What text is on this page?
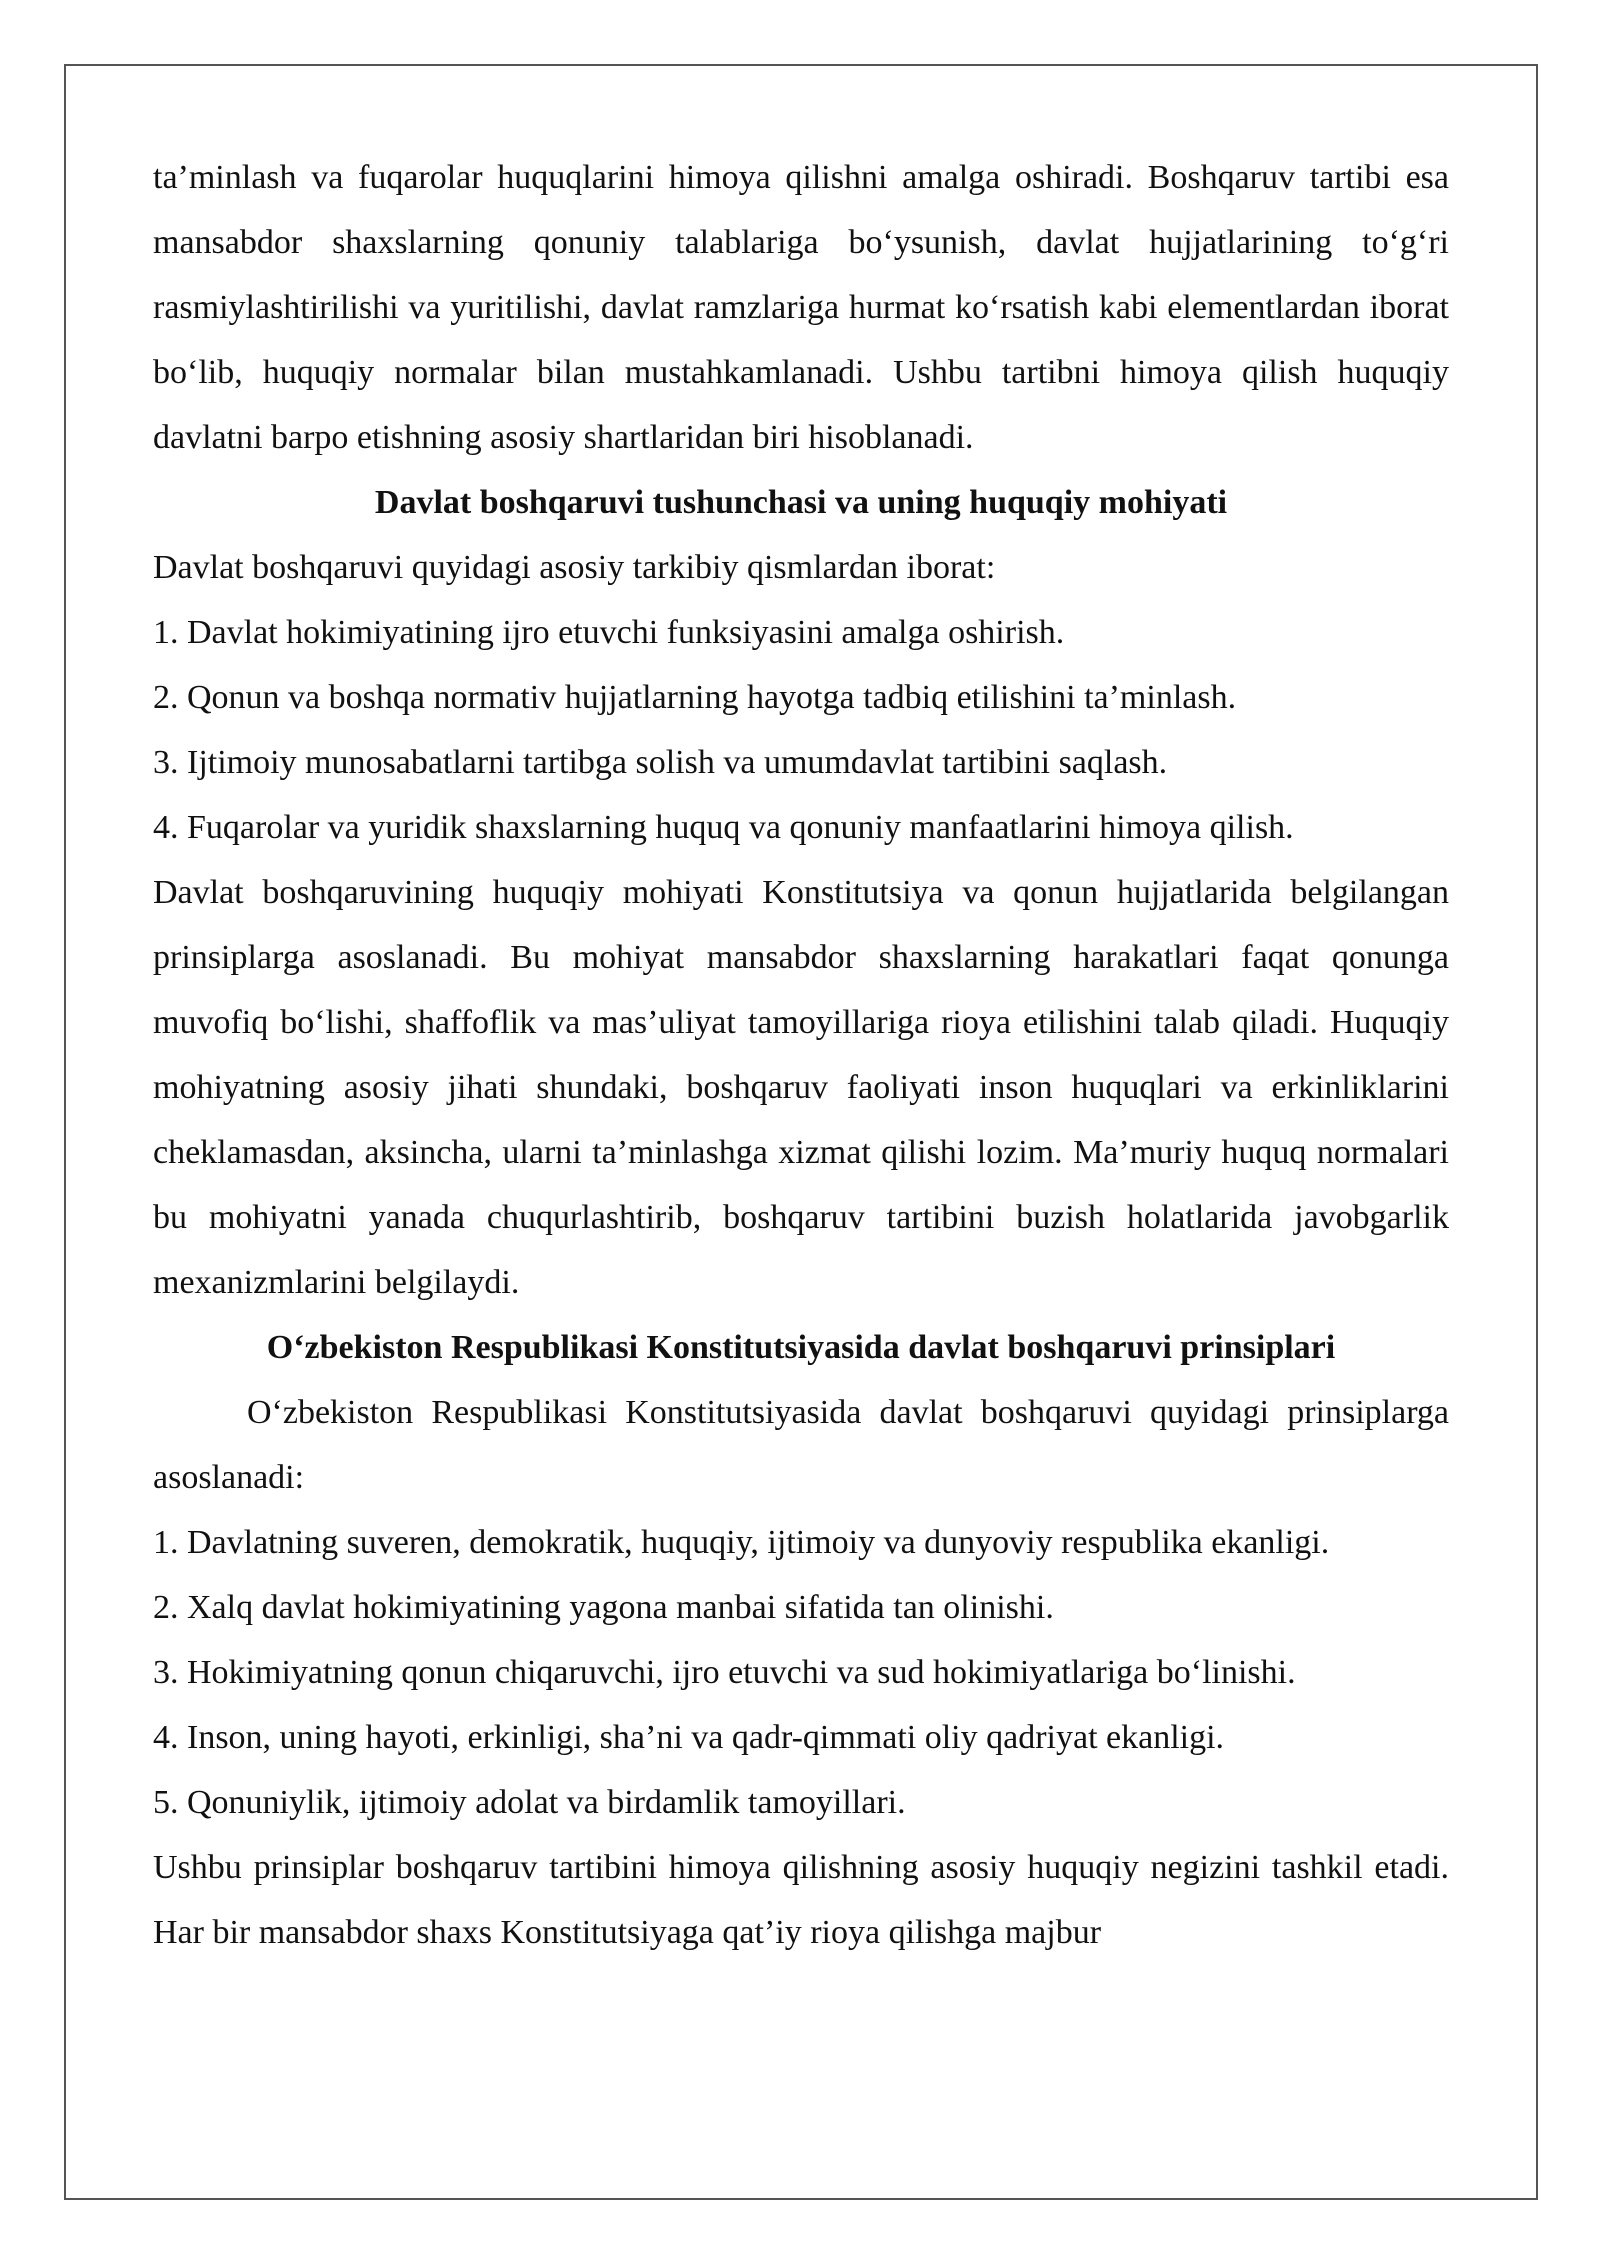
ta’minlash va fuqarolar huquqlarini himoya qilishni amalga oshiradi. Boshqaruv tartibi esa mansabdor shaxslarning qonuniy talablariga bo‘ysunish, davlat hujjatlarining to‘g‘ri rasmiylashtirilishi va yuritilishi, davlat ramzlariga hurmat ko‘rsatish kabi elementlardan iborat bo‘lib, huquqiy normalar bilan mustahkamlanadi. Ushbu tartibni himoya qilish huquqiy davlatni barpo etishning asosiy shartlaridan biri hisoblanadi.

Davlat boshqaruvi tushunchasi va uning huquqiy mohiyati

Davlat boshqaruvi quyidagi asosiy tarkibiy qismlardan iborat:

1. Davlat hokimiyatining ijro etuvchi funksiyasini amalga oshirish.

2. Qonun va boshqa normativ hujjatlarning hayotga tadbiq etilishini ta’minlash.

3. Ijtimoiy munosabatlarni tartibga solish va umumdavlat tartibini saqlash.

4. Fuqarolar va yuridik shaxslarning huquq va qonuniy manfaatlarini himoya qilish.

Davlat boshqaruvining huquqiy mohiyati Konstitutsiya va qonun hujjatlarida belgilangan prinsiplarga asoslanadi. Bu mohiyat mansabdor shaxslarning harakatlari faqat qonunga muvofiq bo‘lishi, shaffoflik va mas’uliyat tamoyillariga rioya etilishini talab qiladi. Huquqiy mohiyatning asosiy jihati shundaki, boshqaruv faoliyati inson huquqlari va erkinliklarini cheklamasdan, aksincha, ularni ta’minlashga xizmat qilishi lozim. Ma’muriy huquq normalari bu mohiyatni yanada chuqurlashtirib, boshqaruv tartibini buzish holatlarida javobgarlik mexanizmlarini belgilaydi.

O‘zbekiston Respublikasi Konstitutsiyasida davlat boshqaruvi prinsiplari

O‘zbekiston Respublikasi Konstitutsiyasida davlat boshqaruvi quyidagi prinsiplarga asoslanadi:

1. Davlatning suveren, demokratik, huquqiy, ijtimoiy va dunyoviy respublika ekanligi.

2. Xalq davlat hokimiyatining yagona manbai sifatida tan olinishi.

3. Hokimiyatning qonun chiqaruvchi, ijro etuvchi va sud hokimiyatlariga bo‘linishi.

4. Inson, uning hayoti, erkinligi, sha’ni va qadr-qimmati oliy qadriyat ekanligi.

5. Qonuniylik, ijtimoiy adolat va birdamlik tamoyillari.

Ushbu prinsiplar boshqaruv tartibini himoya qilishning asosiy huquqiy negizini tashkil etadi. Har bir mansabdor shaxs Konstitutsiyaga qat’iy rioya qilishga majbur
